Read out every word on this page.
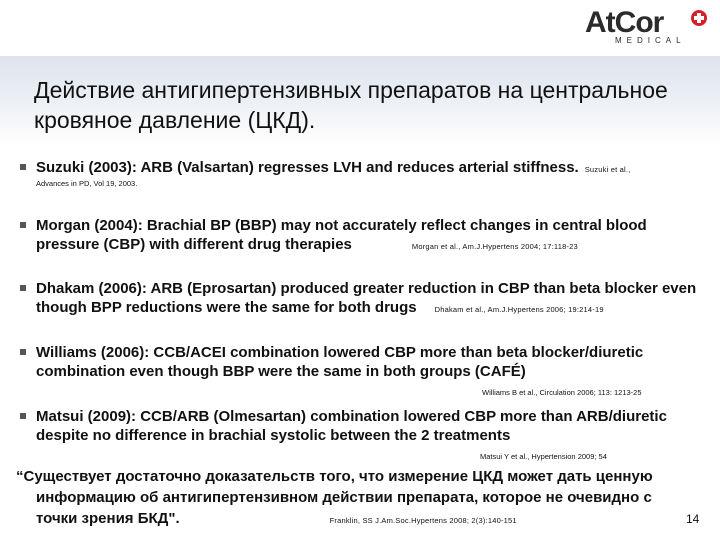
AtCor
MEDICAL
Действие антигипертензивных препаратов на центральное кровяное давление (ЦКД).
Suzuki (2003): ARB (Valsartan) regresses LVH and reduces arterial stiffness. Suzuki et al.,
Advances in PD, Vol 19, 2003.
Morgan (2004): Brachial BP (BBP) may not accurately reflect changes in central blood pressure (CBP) with different drug therapies	Morgan et al., Am.J.Hypertens 2004; 17:118-23
Dhakam (2006): ARB (Eprosartan) produced greater reduction in CBP than beta blocker even though BPP reductions were the same for both drugs Dhakam et al., Am.J.Hypertens 2006; 19:214-19
Williams (2006): CCB/ACEI combination lowered CBP more than beta blocker/diuretic combination even though BBP were the same in both groups (CAFÉ)
Williams B et al., Circulation 2006; 113: 1213-25
Matsui (2009): CCB/ARB (Olmesartan) combination lowered CBP more than ARB/diuretic despite no difference in brachial systolic between the 2 treatments
Matsui Y et al., Hypertension 2009; 54
“Существует достаточно доказательств того, что измерение ЦКД может дать ценную
информацию об антигипертензивном действии препарата, которое не очевидно с
точки зрения БКД".	Franklin, SS J.Am.Soc.Hypertens 2008; 2(3):140-151	14
